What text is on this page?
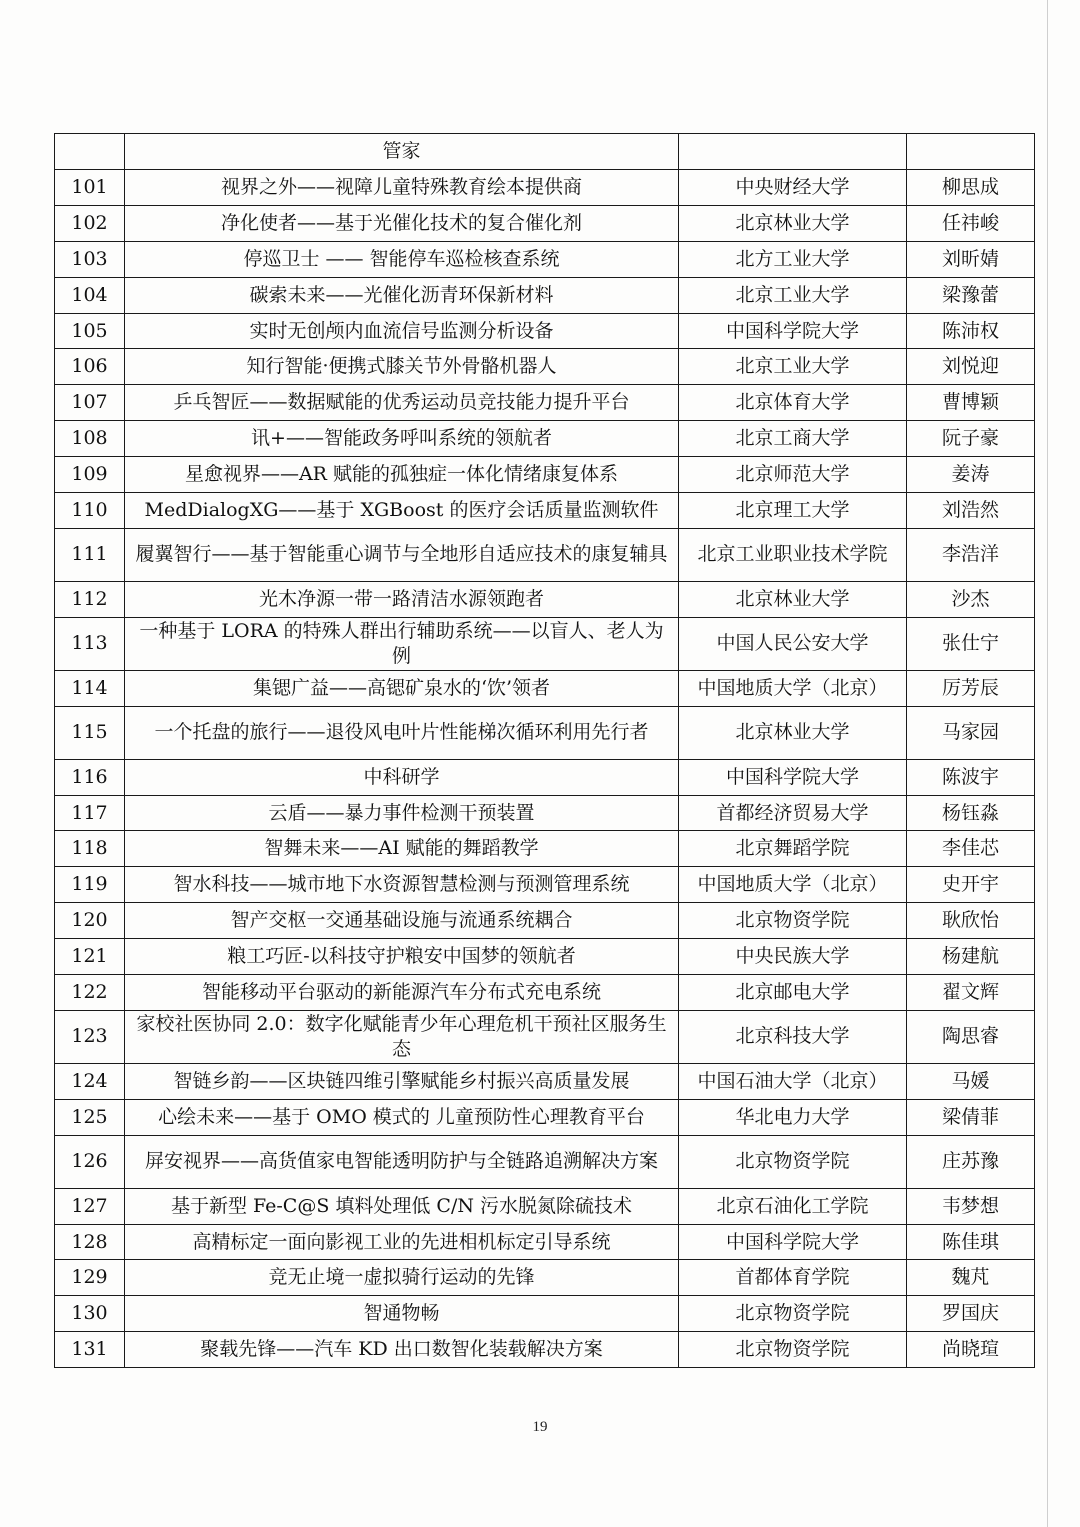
	管家		
101	视界之外——视障儿童特殊教育绘本提供商	中央财经大学	柳思成
102	净化使者——基于光催化技术的复合催化剂	北京林业大学	任祎峻
103	停巡卫士 —— 智能停车巡检核查系统	北方工业大学	刘昕婧
104	碳索未来——光催化沥青环保新材料	北京工业大学	梁豫蕾
105	实时无创颅内血流信号监测分析设备	中国科学院大学	陈沛权
106	知行智能·便携式膝关节外骨骼机器人	北京工业大学	刘悦迎
107	乒乓智匠——数据赋能的优秀运动员竞技能力提升平台	北京体育大学	曹博颖
108	讯+——智能政务呼叫系统的领航者	北京工商大学	阮子豪
109	星愈视界——AR 赋能的孤独症一体化情绪康复体系	北京师范大学	姜涛
110	MedDialogXG——基于 XGBoost 的医疗会话质量监测软件	北京理工大学	刘浩然
111	履翼智行——基于智能重心调节与全地形自适应技术的康复辅具	北京工业职业技术学院	李浩洋
112	光木净源一带一路清洁水源领跑者	北京林业大学	沙杰
113	一种基于 LORA 的特殊人群出行辅助系统——以盲人、老人为例	中国人民公安大学	张仕宁
114	集锶广益——高锶矿泉水的‘饮’领者	中国地质大学（北京）	厉芳辰
115	一个托盘的旅行——退役风电叶片性能梯次循环利用先行者	北京林业大学	马家园
116	中科研学	中国科学院大学	陈波宇
117	云盾——暴力事件检测干预装置	首都经济贸易大学	杨钰淼
118	智舞未来——AI 赋能的舞蹈教学	北京舞蹈学院	李佳芯
119	智水科技——城市地下水资源智慧检测与预测管理系统	中国地质大学（北京）	史开宇
120	智产交枢一交通基础设施与流通系统耦合	北京物资学院	耿欣怡
121	粮工巧匠-以科技守护粮安中国梦的领航者	中央民族大学	杨建航
122	智能移动平台驱动的新能源汽车分布式充电系统	北京邮电大学	翟文辉
123	家校社医协同 2.0：数字化赋能青少年心理危机干预社区服务生态	北京科技大学	陶思睿
124	智链乡韵——区块链四维引擎赋能乡村振兴高质量发展	中国石油大学（北京）	马媛
125	心绘未来——基于 OMO 模式的 儿童预防性心理教育平台	华北电力大学	梁倩菲
126	屏安视界——高货值家电智能透明防护与全链路追溯解决方案	北京物资学院	庄苏豫
127	基于新型 Fe-C@S 填料处理低 C/N 污水脱氮除硫技术	北京石油化工学院	韦梦想
128	高精标定一面向影视工业的先进相机标定引导系统	中国科学院大学	陈佳琪
129	竞无止境一虚拟骑行运动的先锋	首都体育学院	魏芃
130	智通物畅	北京物资学院	罗国庆
131	聚载先锋——汽车 KD 出口数智化装载解决方案	北京物资学院	尚晓瑄
19
